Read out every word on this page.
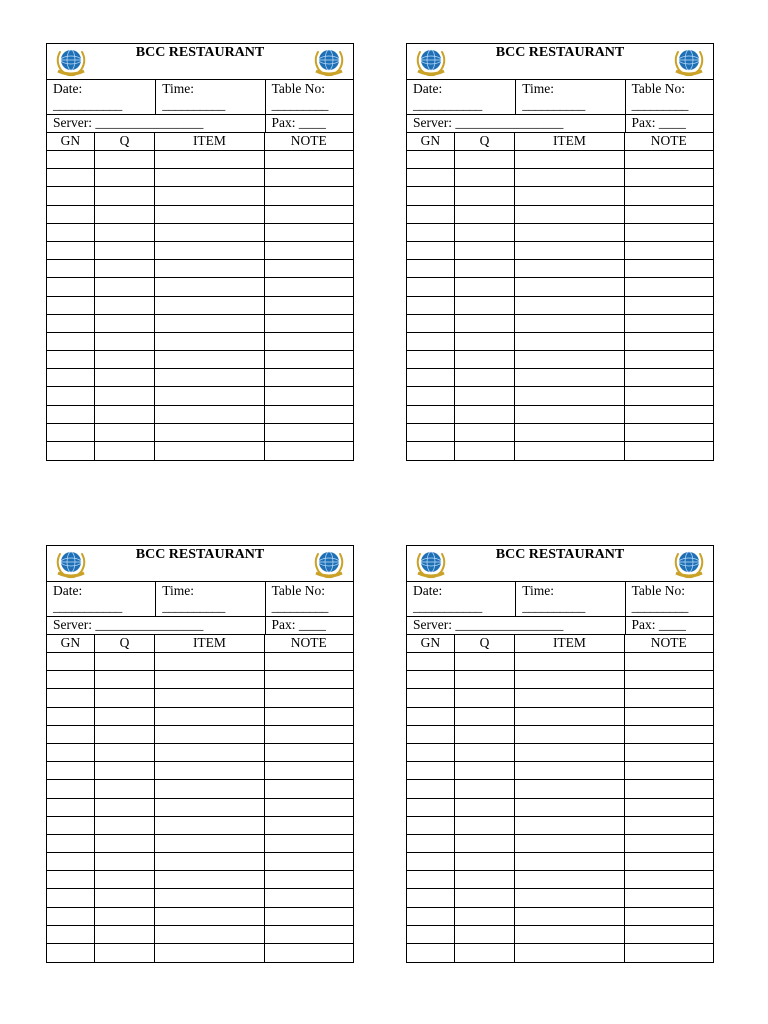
BCC RESTAURANT
Date:
___________
Time:
__________
Table No:
_________
Server: ________________	Pax: ____
GN	Q	ITEM	NOTE
BCC RESTAURANT
Date:
___________
Time:
__________
Table No:
_________
Server: ________________	Pax: ____
GN	Q	ITEM	NOTE
BCC RESTAURANT
Date:
___________
Time:
__________
Table No:
_________
Server: ________________	Pax: ____
GN	Q	ITEM	NOTE
BCC RESTAURANT
Date:
___________
Time:
__________
Table No:
_________
Server: ________________	Pax: ____
GN	Q	ITEM	NOTE
